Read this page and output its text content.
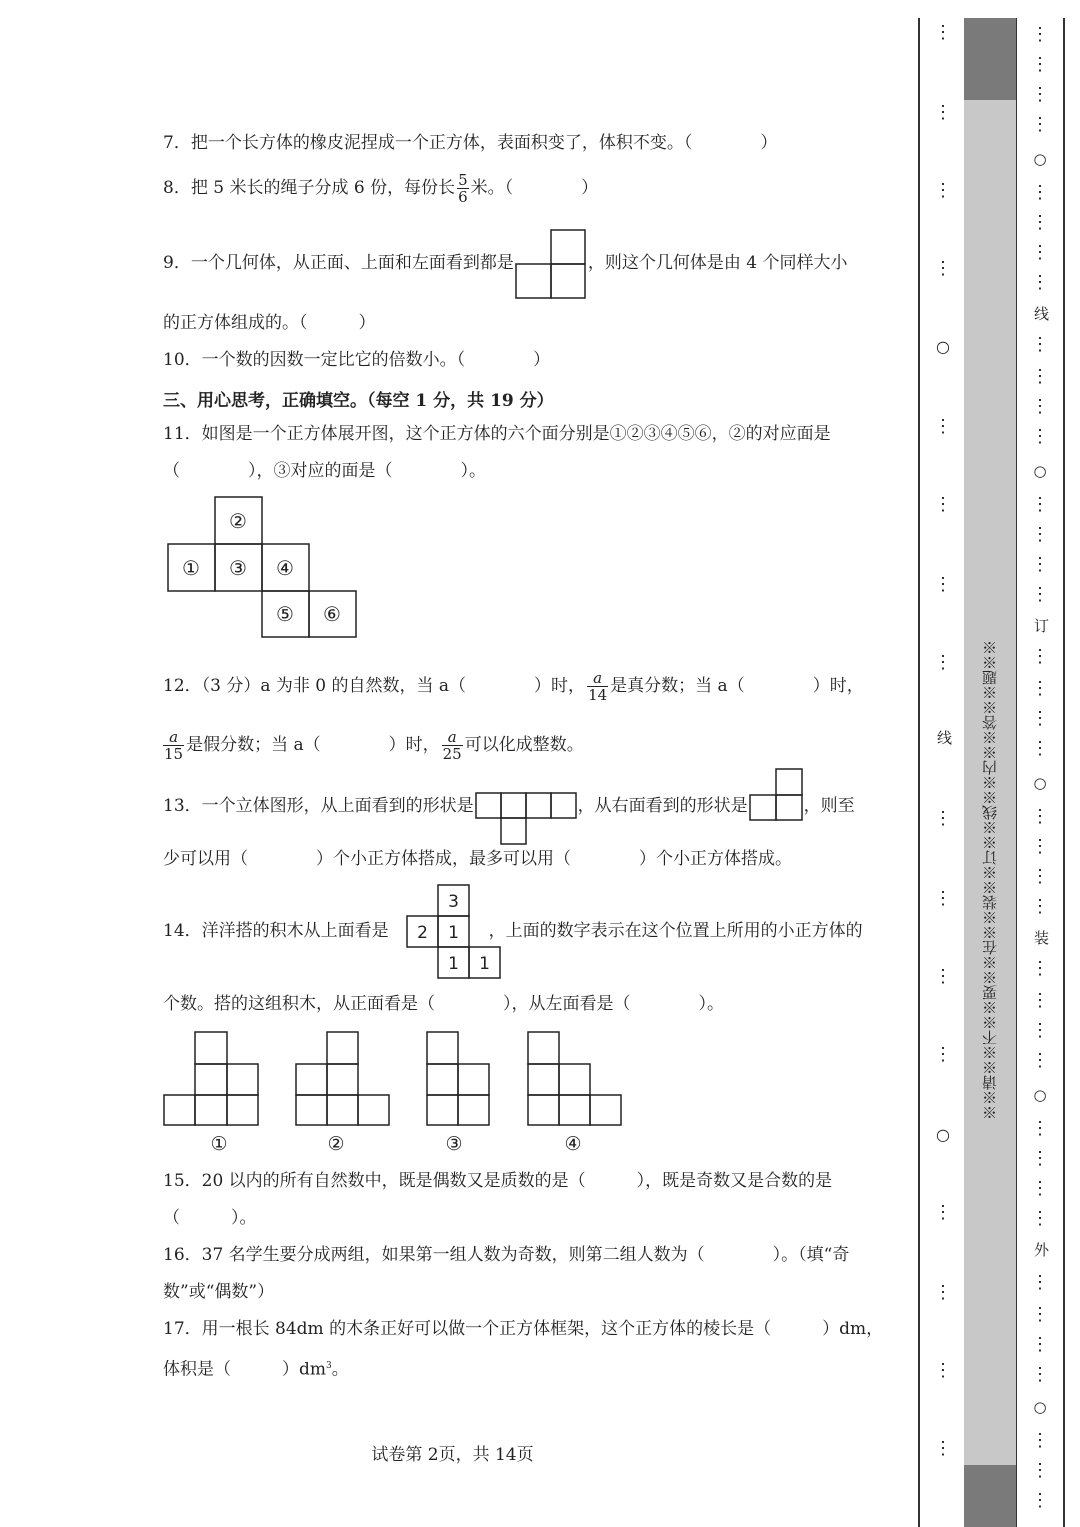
7．把一个长方体的橡皮泥捏成一个正方体，表面积变了，体积不变。（　　　　）
8．把 5 米长的绳子分成 6 份，每份长 $\frac{5}{6}$ 米。（　　　　）
9．一个几何体，从正面、上面和左面看到都是	，则这个几何体是由 4 个同样大小
的正方体组成的。（　　　）
10．一个数的因数一定比它的倍数小。（　　　　）
三、用心思考，正确填空。（每空 1 分，共 19 分）
11．如图是一个正方体展开图，这个正方体的六个面分别是①②③④⑤⑥，②的对应面是
（　　　　），③对应的面是（　　　　）。
②
① ③ ④
⑤ ⑥
12．（3 分）a 为非 0 的自然数，当 a（　　　　）时， $\frac{a}{14}$ 是真分数；当 a（　　　　）时，
$\frac{a}{15}$ 是假分数；当 a（　　　　）时， $\frac{a}{25}$ 可以化成整数。
13．一个立体图形，从上面看到的形状是	，从右面看到的形状是	，则至
少可以用（　　　　）个小正方体搭成，最多可以用（　　　　）个小正方体搭成。
3
2 1
1 1
14．洋洋搭的积木从上面看是	，上面的数字表示在这个位置上所用的小正方体的
个数。搭的这组积木，从正面看是（　　　　），从左面看是（　　　　）。
①	②	③	④
15．20 以内的所有自然数中，既是偶数又是质数的是（　　　），既是奇数又是合数的是
（　　　）。
16．37 名学生要分成两组，如果第一组人数为奇数，则第二组人数为（　　　　）。（填“奇
数”或“偶数”）
17．用一根长 84dm 的木条正好可以做一个正方体框架，这个正方体的棱长是（　　　）dm，
体积是（　　　）$dm^3$。
试卷第 2页，共 14页
⋮
⋮
⋮
⋮
○
⋮
⋮
⋮
⋮
线
⋮
⋮
⋮
⋮
○
⋮
⋮
⋮
⋮
※※请※※不※※要※※在※※装※※订※※线※※内※※答※※题※※
⋮
⋮
⋮
⋮
○
⋮
⋮
⋮
⋮
线
⋮
⋮
⋮
⋮
○
⋮
⋮
⋮
⋮
订
⋮
⋮
⋮
⋮
○
⋮
⋮
⋮
⋮
装
⋮
⋮
⋮
⋮
○
⋮
⋮
⋮
⋮
外
⋮
⋮
⋮
⋮
○
⋮
⋮
⋮
